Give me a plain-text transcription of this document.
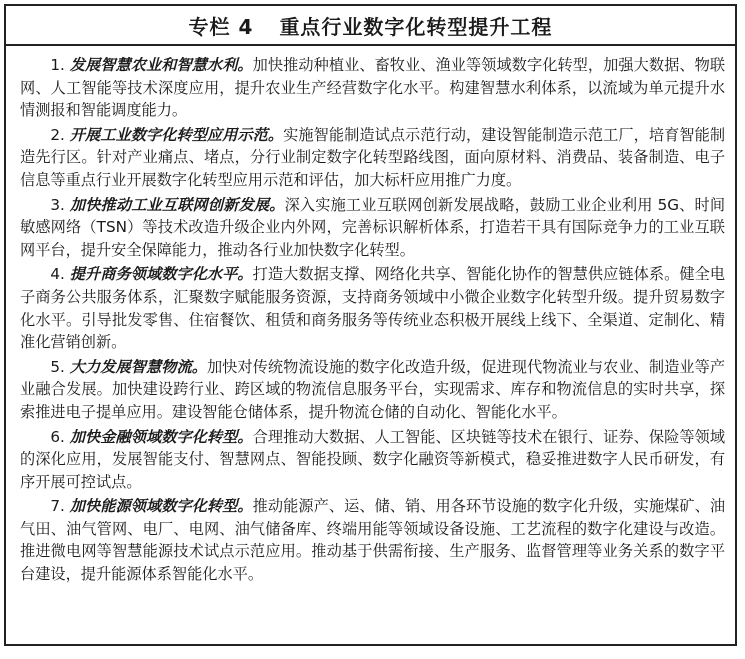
专栏 4 重点行业数字化转型提升工程

1. 发展智慧农业和智慧水利。加快推动种植业、畜牧业、渔业等领域数字化转型，加强大数据、物联网、人工智能等技术深度应用，提升农业生产经营数字化水平。构建智慧水利体系，以流域为单元提升水情测报和智能调度能力。

2. 开展工业数字化转型应用示范。实施智能制造试点示范行动，建设智能制造示范工厂，培育智能制造先行区。针对产业痛点、堵点，分行业制定数字化转型路线图，面向原材料、消费品、装备制造、电子信息等重点行业开展数字化转型应用示范和评估，加大标杆应用推广力度。

3. 加快推动工业互联网创新发展。深入实施工业互联网创新发展战略，鼓励工业企业利用 5G、时间敏感网络（TSN）等技术改造升级企业内外网，完善标识解析体系，打造若干具有国际竞争力的工业互联网平台，提升安全保障能力，推动各行业加快数字化转型。

4. 提升商务领域数字化水平。打造大数据支撑、网络化共享、智能化协作的智慧供应链体系。健全电子商务公共服务体系，汇聚数字赋能服务资源，支持商务领域中小微企业数字化转型升级。提升贸易数字化水平。引导批发零售、住宿餐饮、租赁和商务服务等传统业态积极开展线上线下、全渠道、定制化、精准化营销创新。

5. 大力发展智慧物流。加快对传统物流设施的数字化改造升级，促进现代物流业与农业、制造业等产业融合发展。加快建设跨行业、跨区域的物流信息服务平台，实现需求、库存和物流信息的实时共享，探索推进电子提单应用。建设智能仓储体系，提升物流仓储的自动化、智能化水平。

6. 加快金融领域数字化转型。合理推动大数据、人工智能、区块链等技术在银行、证券、保险等领域的深化应用，发展智能支付、智慧网点、智能投顾、数字化融资等新模式，稳妥推进数字人民币研发，有序开展可控试点。

7. 加快能源领域数字化转型。推动能源产、运、储、销、用各环节设施的数字化升级，实施煤矿、油气田、油气管网、电厂、电网、油气储备库、终端用能等领域设备设施、工艺流程的数字化建设与改造。推进微电网等智慧能源技术试点示范应用。推动基于供需衔接、生产服务、监督管理等业务关系的数字平台建设，提升能源体系智能化水平。
